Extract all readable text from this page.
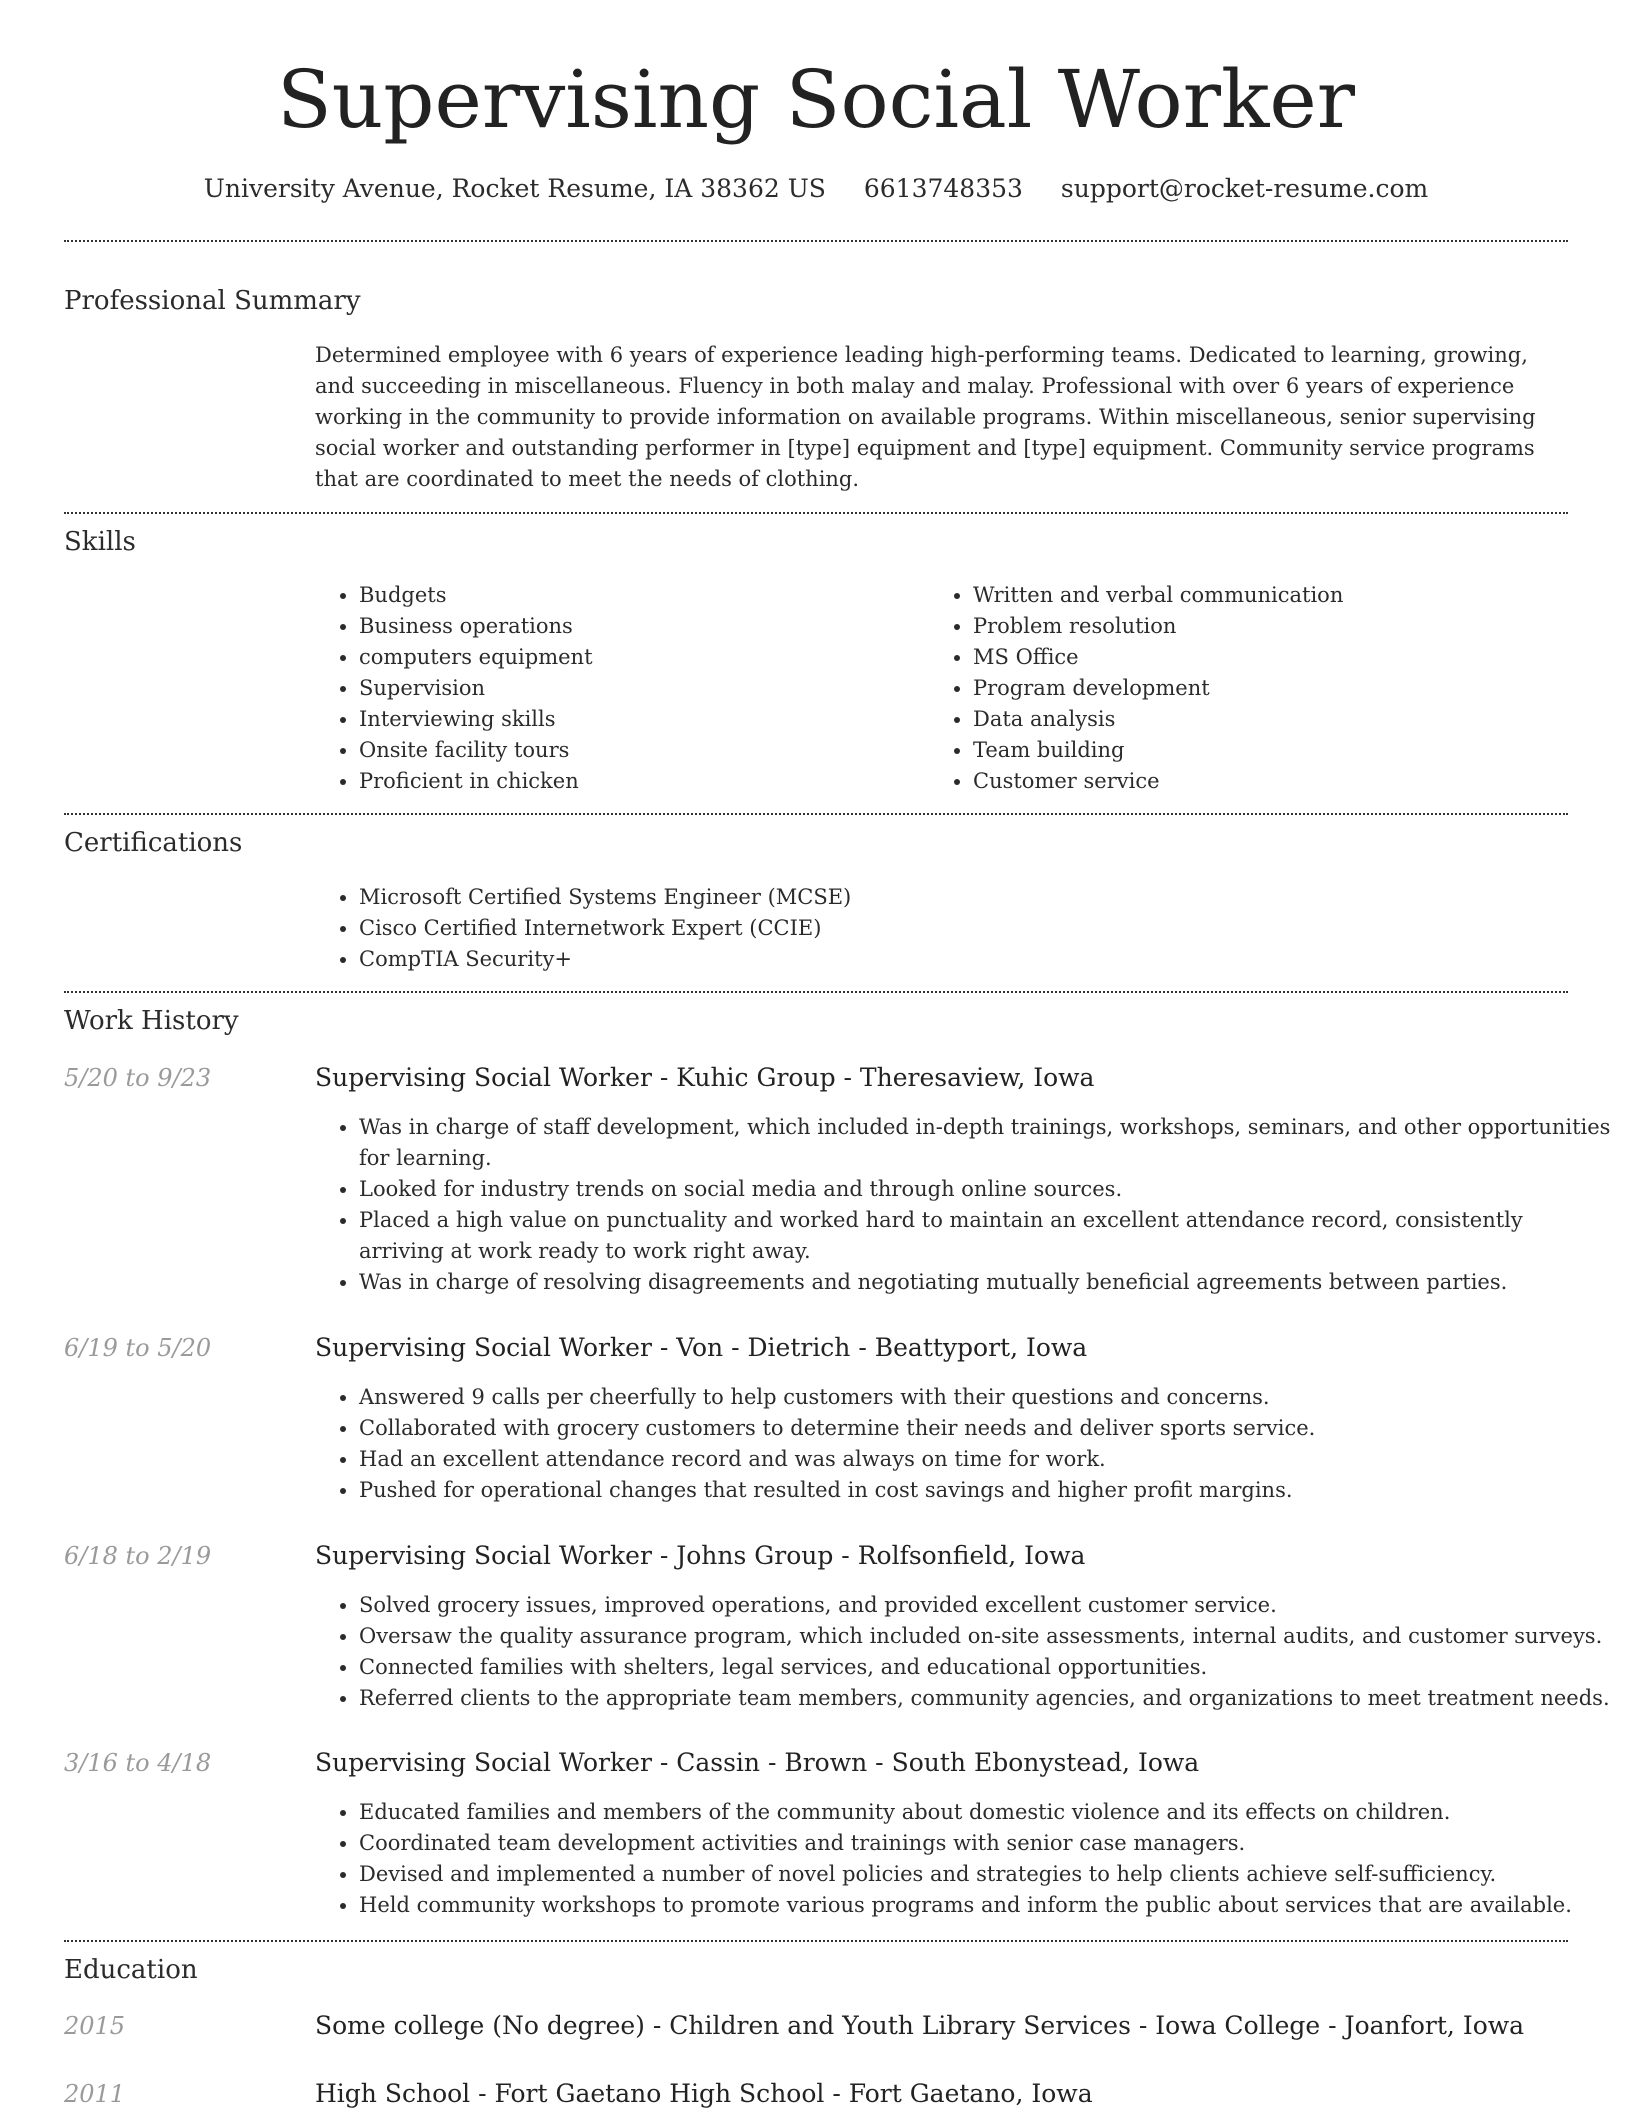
Supervising Social Worker
University Avenue, Rocket Resume, IA 38362 US 6613748353 support@rocket-resume.com
Professional Summary

Determined employee with 6 years of experience leading high-performing teams. Dedicated to learning, growing, and succeeding in miscellaneous. Fluency in both malay and malay. Professional with over 6 years of experience working in the community to provide information on available programs. Within miscellaneous, senior supervising social worker and outstanding performer in [type] equipment and [type] equipment. Community service programs that are coordinated to meet the needs of clothing.

Skills
• Budgets
• Business operations
• computers equipment
• Supervision
• Interviewing skills
• Onsite facility tours
• Proficient in chicken
• Written and verbal communication
• Problem resolution
• MS Office
• Program development
• Data analysis
• Team building
• Customer service
Certifications
• Microsoft Certified Systems Engineer (MCSE)
• Cisco Certified Internetwork Expert (CCIE)
• CompTIA Security+
Work History
5/20 to 9/23	Supervising Social Worker - Kuhic Group - Theresaview, Iowa
• Was in charge of staff development, which included in-depth trainings, workshops, seminars, and other opportunities for learning.
• Looked for industry trends on social media and through online sources.
• Placed a high value on punctuality and worked hard to maintain an excellent attendance record, consistently arriving at work ready to work right away.
• Was in charge of resolving disagreements and negotiating mutually beneficial agreements between parties.
6/19 to 5/20	Supervising Social Worker - Von - Dietrich - Beattyport, Iowa
• Answered 9 calls per cheerfully to help customers with their questions and concerns.
• Collaborated with grocery customers to determine their needs and deliver sports service.
• Had an excellent attendance record and was always on time for work.
• Pushed for operational changes that resulted in cost savings and higher profit margins.
6/18 to 2/19	Supervising Social Worker - Johns Group - Rolfsonfield, Iowa
• Solved grocery issues, improved operations, and provided excellent customer service.
• Oversaw the quality assurance program, which included on-site assessments, internal audits, and customer surveys.
• Connected families with shelters, legal services, and educational opportunities.
• Referred clients to the appropriate team members, community agencies, and organizations to meet treatment needs.
3/16 to 4/18	Supervising Social Worker - Cassin - Brown - South Ebonystead, Iowa
• Educated families and members of the community about domestic violence and its effects on children.
• Coordinated team development activities and trainings with senior case managers.
• Devised and implemented a number of novel policies and strategies to help clients achieve self-sufficiency.
• Held community workshops to promote various programs and inform the public about services that are available.
Education
2015	Some college (No degree) - Children and Youth Library Services - Iowa College - Joanfort, Iowa
2011	High School - Fort Gaetano High School - Fort Gaetano, Iowa
